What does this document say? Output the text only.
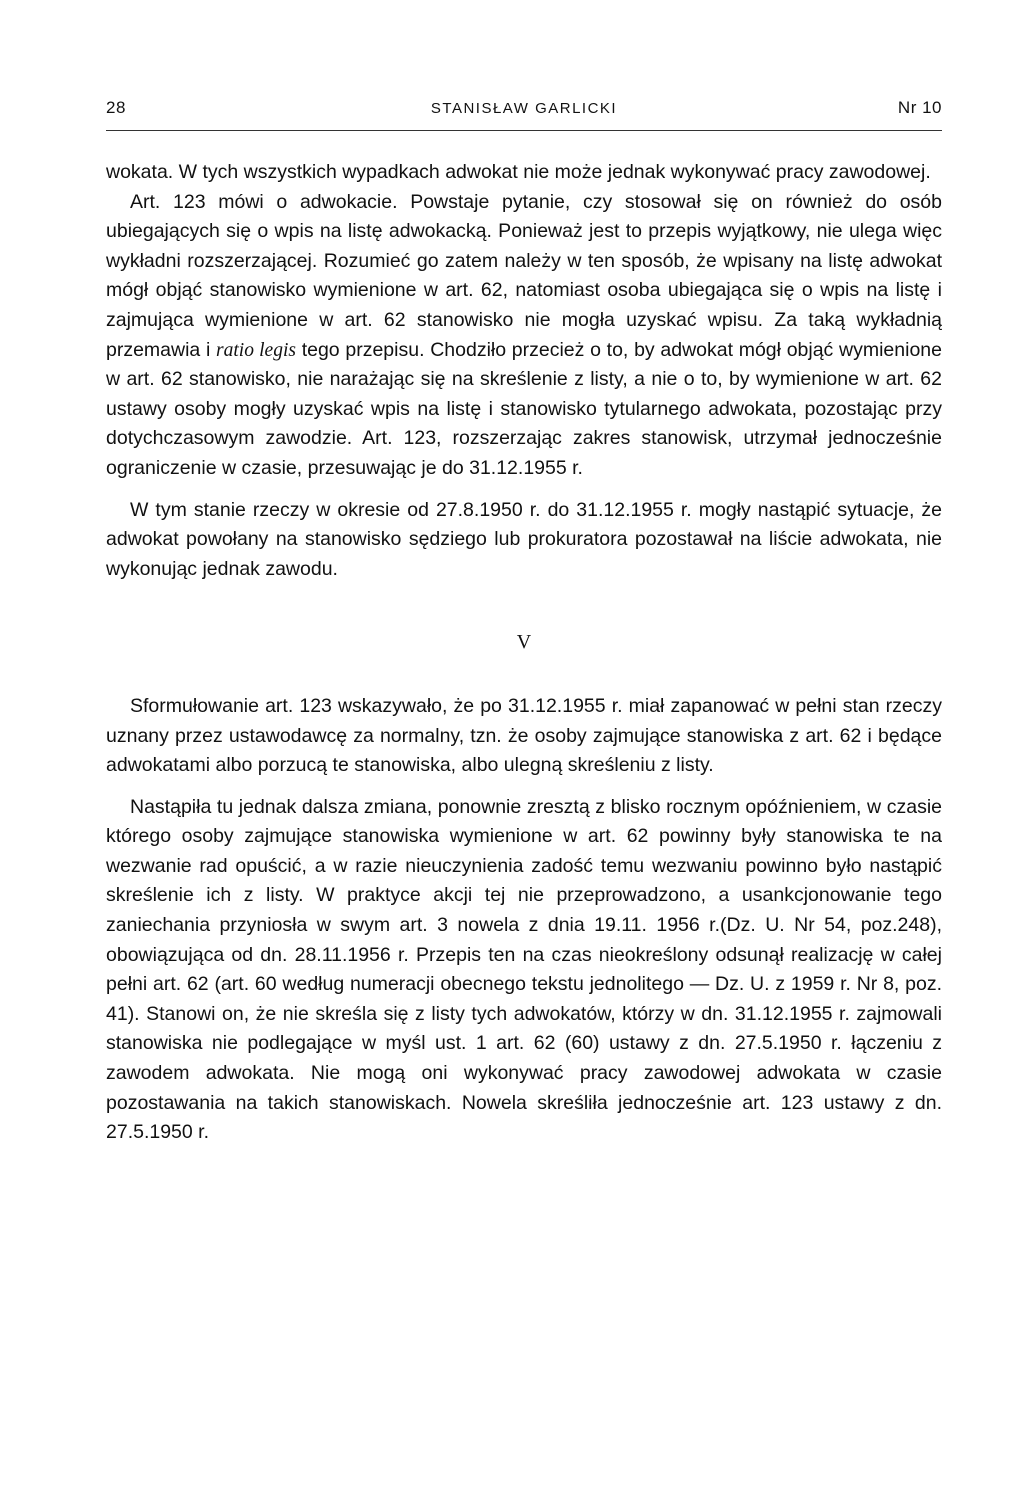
28	STANISŁAW GARLICKI	Nr 10

wokata. W tych wszystkich wypadkach adwokat nie może jednak wykonywać pracy zawodowej.

Art. 123 mówi o adwokacie. Powstaje pytanie, czy stosował się on również do osób ubiegających się o wpis na listę adwokacką. Ponieważ jest to przepis wyjątkowy, nie ulega więc wykładni rozszerzającej. Rozumieć go zatem należy w ten sposób, że wpisany na listę adwokat mógł objąć stanowisko wymienione w art. 62, natomiast osoba ubiegająca się o wpis na listę i zajmująca wymienione w art. 62 stanowisko nie mogła uzyskać wpisu. Za taką wykładnią przemawia i ratio legis tego przepisu. Chodziło przecież o to, by adwokat mógł objąć wymienione w art. 62 stanowisko, nie narażając się na skreślenie z listy, a nie o to, by wymienione w art. 62 ustawy osoby mogły uzyskać wpis na listę i stanowisko tytularnego adwokata, pozostając przy dotychczasowym zawodzie. Art. 123, rozszerzając zakres stanowisk, utrzymał jednocześnie ograniczenie w czasie, przesuwając je do 31.12.1955 r.

W tym stanie rzeczy w okresie od 27.8.1950 r. do 31.12.1955 r. mogły nastąpić sytuacje, że adwokat powołany na stanowisko sędziego lub prokuratora pozostawał na liście adwokata, nie wykonując jednak zawodu.

V

Sformułowanie art. 123 wskazywało, że po 31.12.1955 r. miał zapanować w pełni stan rzeczy uznany przez ustawodawcę za normalny, tzn. że osoby zajmujące stanowiska z art. 62 i będące adwokatami albo porzucą te stanowiska, albo ulegną skreśleniu z listy.

Nastąpiła tu jednak dalsza zmiana, ponownie zresztą z blisko rocznym opóźnieniem, w czasie którego osoby zajmujące stanowiska wymienione w art. 62 powinny były stanowiska te na wezwanie rad opuścić, a w razie nieuczynienia zadość temu wezwaniu powinno było nastąpić skreślenie ich z listy. W praktyce akcji tej nie przeprowadzono, a usankcjonowanie tego zaniechania przyniosła w swym art. 3 nowela z dnia 19.11. 1956 r.(Dz. U. Nr 54, poz.248), obowiązująca od dn. 28.11.1956 r. Przepis ten na czas nieokreślony odsunął realizację w całej pełni art. 62 (art. 60 według numeracji obecnego tekstu jednolitego — Dz. U. z 1959 r. Nr 8, poz. 41). Stanowi on, że nie skreśla się z listy tych adwokatów, którzy w dn. 31.12.1955 r. zajmowali stanowiska nie podlegające w myśl ust. 1 art. 62 (60) ustawy z dn. 27.5.1950 r. łączeniu z zawodem adwokata. Nie mogą oni wykonywać pracy zawodowej adwokata w czasie pozostawania na takich stanowiskach. Nowela skreśliła jednocześnie art. 123 ustawy z dn. 27.5.1950 r.
